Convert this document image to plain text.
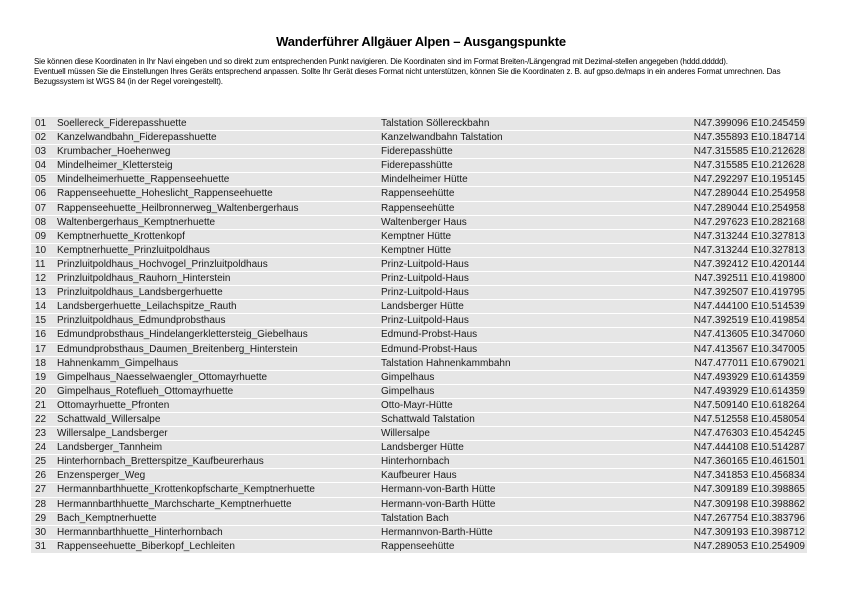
Wanderführer Allgäuer Alpen – Ausgangspunkte

Sie können diese Koordinaten in Ihr Navi eingeben und so direkt zum entsprechenden Punkt navigieren. Die Koordinaten sind im Format Breiten-/Längengrad mit Dezimal-stellen angegeben (hddd.ddddd).

Eventuell müssen Sie die Einstellungen Ihres Geräts entsprechend anpassen. Sollte Ihr Gerät dieses Format nicht unterstützen, können Sie die Koordinaten z. B. auf gpso.de/maps in ein anderes Format umrechnen. Das Bezugssystem ist WGS 84 (in der Regel voreingestellt).

01	Soellereck_Fiderepasshuette	Talstation Söllereckbahn	N47.399096 E10.245459
02	Kanzelwandbahn_Fiderepasshuette	Kanzelwandbahn Talstation	N47.355893 E10.184714
03	Krumbacher_Hoehenweg	Fiderepasshütte	N47.315585 E10.212628
04	Mindelheimer_Klettersteig	Fiderepasshütte	N47.315585 E10.212628
05	Mindelheimerhuette_Rappenseehuette	Mindelheimer Hütte	N47.292297 E10.195145
06	Rappenseehuette_Hoheslicht_Rappenseehuette	Rappenseehütte	N47.289044 E10.254958
07	Rappenseehuette_Heilbronnerweg_Waltenbergerhaus	Rappenseehütte	N47.289044 E10.254958
08	Waltenbergerhaus_Kemptnerhuette	Waltenberger Haus	N47.297623 E10.282168
09	Kemptnerhuette_Krottenkopf	Kemptner Hütte	N47.313244 E10.327813
10	Kemptnerhuette_Prinzluitpoldhaus	Kemptner Hütte	N47.313244 E10.327813
11	Prinzluitpoldhaus_Hochvogel_Prinzluitpoldhaus	Prinz-Luitpold-Haus	N47.392412 E10.420144
12	Prinzluitpoldhaus_Rauhorn_Hinterstein	Prinz-Luitpold-Haus	N47.392511 E10.419800
13	Prinzluitpoldhaus_Landsbergerhuette	Prinz-Luitpold-Haus	N47.392507 E10.419795
14	Landsbergerhuette_Leilachspitze_Rauth	Landsberger Hütte	N47.444100 E10.514539
15	Prinzluitpoldhaus_Edmundprobsthaus	Prinz-Luitpold-Haus	N47.392519 E10.419854
16	Edmundprobsthaus_Hindelangerklettersteig_Giebelhaus	Edmund-Probst-Haus	N47.413605 E10.347060
17	Edmundprobsthaus_Daumen_Breitenberg_Hinterstein	Edmund-Probst-Haus	N47.413567 E10.347005
18	Hahnenkamm_Gimpelhaus	Talstation Hahnenkammbahn	N47.477011 E10.679021
19	Gimpelhaus_Naesselwaengler_Ottomayrhuette	Gimpelhaus	N47.493929 E10.614359
20	Gimpelhaus_Roteflueh_Ottomayrhuette	Gimpelhaus	N47.493929 E10.614359
21	Ottomayrhuette_Pfronten	Otto-Mayr-Hütte	N47.509140 E10.618264
22	Schattwald_Willersalpe	Schattwald Talstation	N47.512558 E10.458054
23	Willersalpe_Landsberger	Willersalpe	N47.476303 E10.454245
24	Landsberger_Tannheim	Landsberger Hütte	N47.444108 E10.514287
25	Hinterhornbach_Bretterspitze_Kaufbeurerhaus	Hinterhornbach	N47.360165 E10.461501
26	Enzensperger_Weg	Kaufbeurer Haus	N47.341853 E10.456834
27	Hermannbarthhuette_Krottenkopfscharte_Kemptnerhuette	Hermann-von-Barth Hütte	N47.309189 E10.398865
28	Hermannbarthhuette_Marchscharte_Kemptnerhuette	Hermann-von-Barth Hütte	N47.309198 E10.398862
29	Bach_Kemptnerhuette	Talstation Bach	N47.267754 E10.383796
30	Hermannbarthhuette_Hinterhornbach	Hermannvon-Barth-Hütte	N47.309193 E10.398712
31	Rappenseehuette_Biberkopf_Lechleiten	Rappenseehütte	N47.289053 E10.254909
